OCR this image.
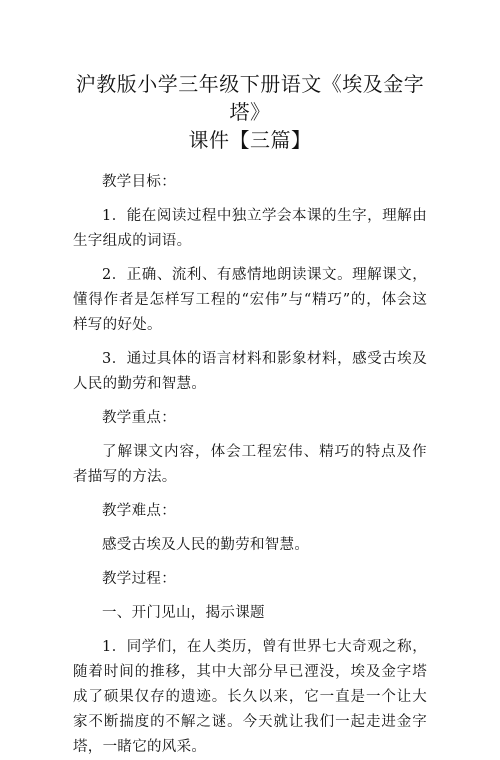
沪教版小学三年级下册语文《埃及金字塔》
课件【三篇】

教学目标：

1．能在阅读过程中独立学会本课的生字，理解由生字组成的词语。

2．正确、流利、有感情地朗读课文。理解课文，懂得作者是怎样写工程的“宏伟”与“精巧”的，体会这样写的好处。

3．通过具体的语言材料和影象材料，感受古埃及人民的勤劳和智慧。

教学重点：

了解课文内容，体会工程宏伟、精巧的特点及作者描写的方法。

教学难点：

感受古埃及人民的勤劳和智慧。

教学过程：

一、开门见山，揭示课题

1．同学们，在人类历，曾有世界七大奇观之称，随着时间的推移，其中大部分早已湮没，埃及金字塔成了硕果仅存的遗迹。长久以来，它一直是一个让大家不断揣度的不解之谜。今天就让我们一起走进金字塔，一睹它的风采。
